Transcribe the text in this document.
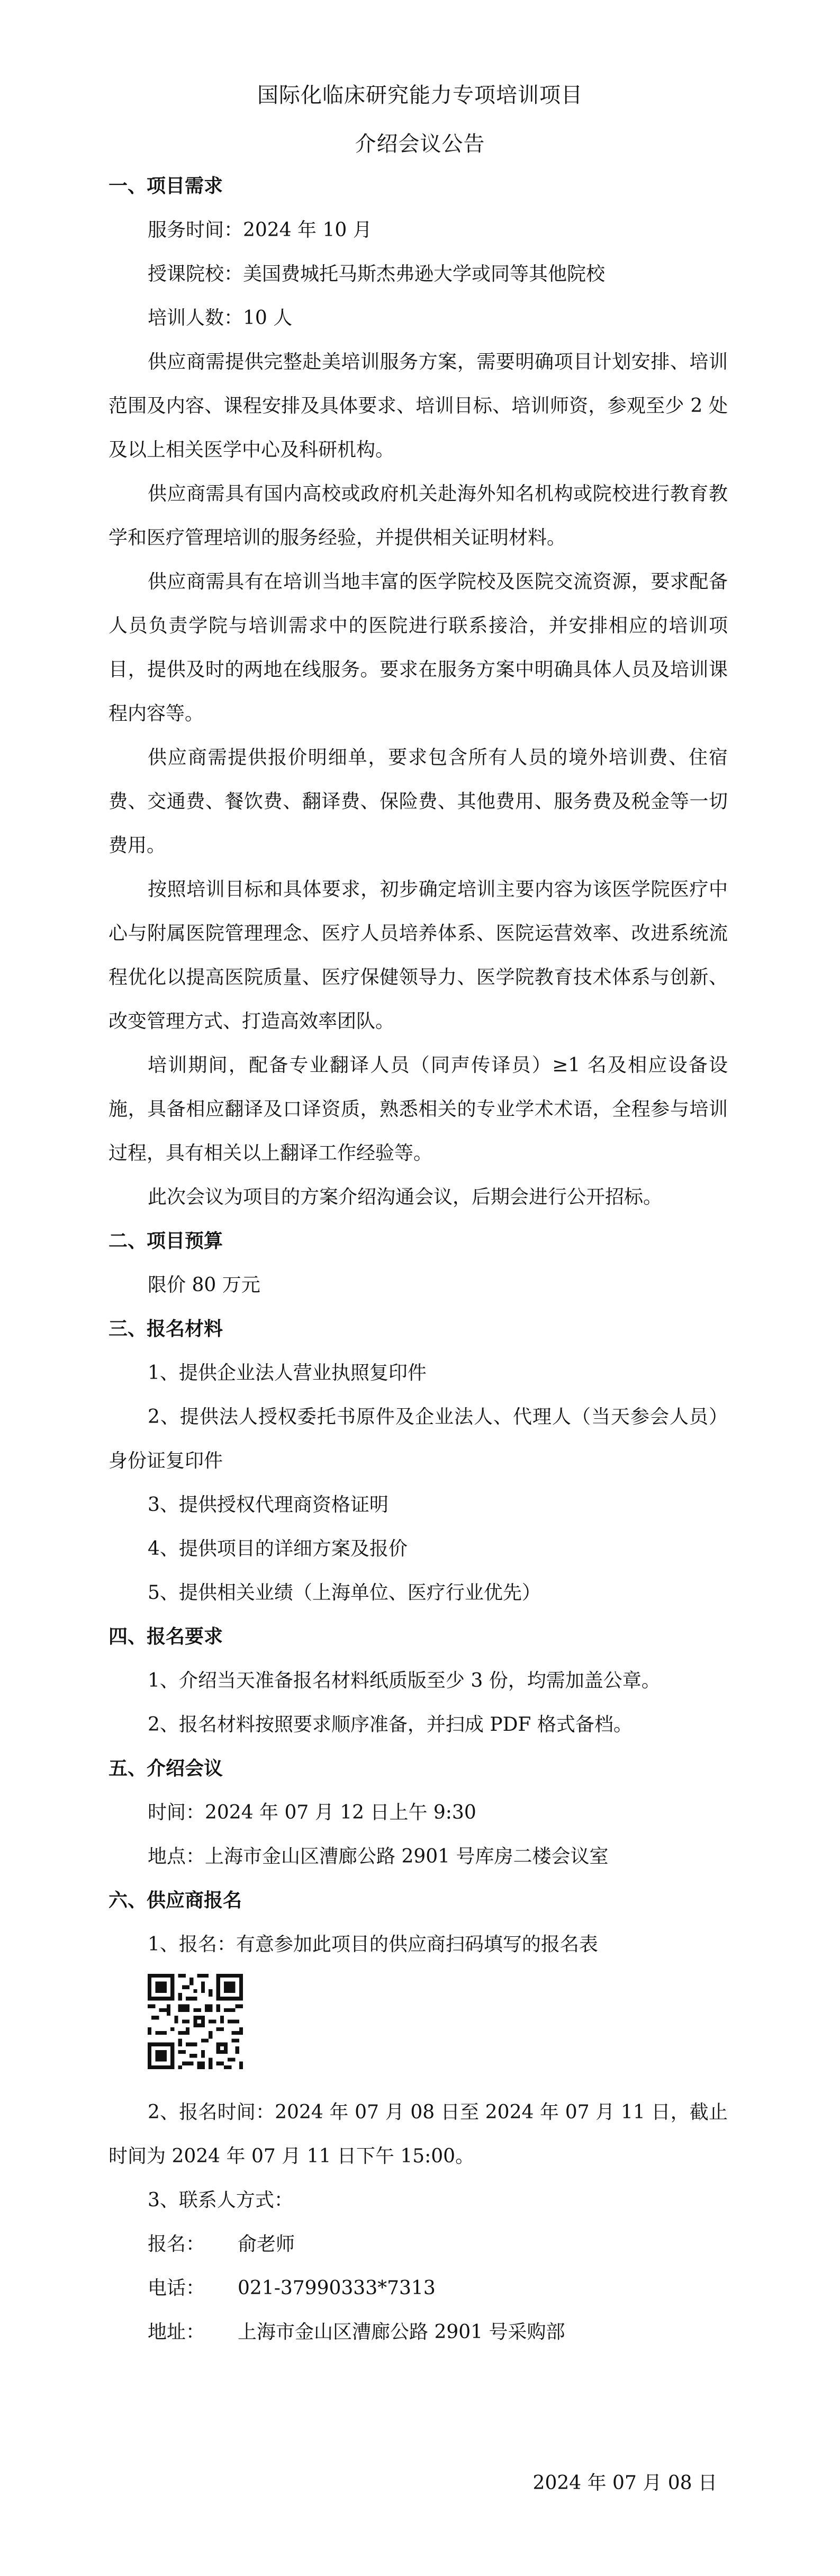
国际化临床研究能力专项培训项目
介绍会议公告

一、项目需求

服务时间：2024 年 10 月

授课院校：美国费城托马斯杰弗逊大学或同等其他院校

培训人数：10 人

供应商需提供完整赴美培训服务方案，需要明确项目计划安排、培训范围及内容、课程安排及具体要求、培训目标、培训师资，参观至少 2 处及以上相关医学中心及科研机构。

供应商需具有国内高校或政府机关赴海外知名机构或院校进行教育教学和医疗管理培训的服务经验，并提供相关证明材料。

供应商需具有在培训当地丰富的医学院校及医院交流资源，要求配备人员负责学院与培训需求中的医院进行联系接洽，并安排相应的培训项目，提供及时的两地在线服务。要求在服务方案中明确具体人员及培训课程内容等。

供应商需提供报价明细单，要求包含所有人员的境外培训费、住宿费、交通费、餐饮费、翻译费、保险费、其他费用、服务费及税金等一切费用。

按照培训目标和具体要求，初步确定培训主要内容为该医学院医疗中心与附属医院管理理念、医疗人员培养体系、医院运营效率、改进系统流程优化以提高医院质量、医疗保健领导力、医学院教育技术体系与创新、改变管理方式、打造高效率团队。

培训期间，配备专业翻译人员（同声传译员）≥1 名及相应设备设施，具备相应翻译及口译资质，熟悉相关的专业学术术语，全程参与培训过程，具有相关以上翻译工作经验等。

此次会议为项目的方案介绍沟通会议，后期会进行公开招标。

二、项目预算

限价 80 万元

三、报名材料

1、提供企业法人营业执照复印件

2、提供法人授权委托书原件及企业法人、代理人（当天参会人员）身份证复印件

3、提供授权代理商资格证明

4、提供项目的详细方案及报价

5、提供相关业绩（上海单位、医疗行业优先）

四、报名要求

1、介绍当天准备报名材料纸质版至少 3 份，均需加盖公章。

2、报名材料按照要求顺序准备，并扫成 PDF 格式备档。

五、介绍会议

时间：2024 年 07 月 12 日上午 9:30

地点：上海市金山区漕廊公路 2901 号库房二楼会议室

六、供应商报名

1、报名：有意参加此项目的供应商扫码填写的报名表

2、报名时间：2024 年 07 月 08 日至 2024 年 07 月 11 日，截止时间为 2024 年 07 月 11 日下午 15:00。

3、联系人方式：

报名： 俞老师

电话： 021-37990333*7313

地址： 上海市金山区漕廊公路 2901 号采购部

2024 年 07 月 08 日
